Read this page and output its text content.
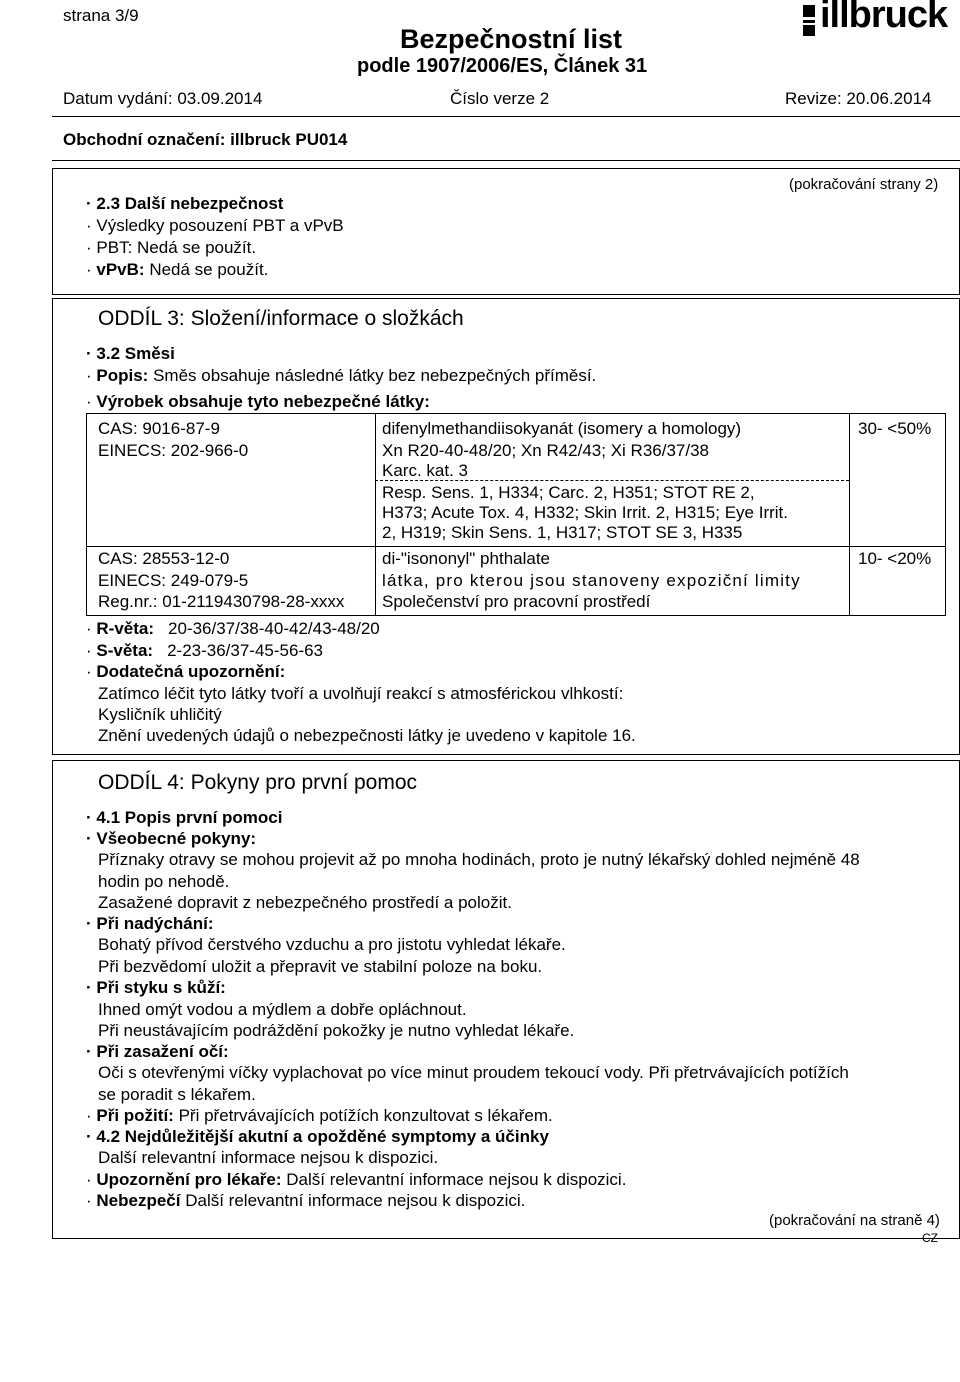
strana 3/9
Bezpečnostní list
podle 1907/2006/ES, Článek 31
illbruck
Datum vydání: 03.09.2014	Číslo verze 2	Revize: 20.06.2014
Obchodní označení: illbruck PU014
(pokračování strany 2)
· 2.3 Další nebezpečnost
· Výsledky posouzení PBT a vPvB
· PBT: Nedá se použít.
· vPvB: Nedá se použít.
ODDÍL 3: Složení/informace o složkách
· 3.2 Směsi
· Popis: Směs obsahuje následné látky bez nebezpečných příměsí.
· Výrobek obsahuje tyto nebezpečné látky:
CAS: 9016-87-9
EINECS: 202-966-0
difenylmethandiisokyanát (isomery a homology)
Xn R20-40-48/20; Xn R42/43; Xi R36/37/38
Karc. kat. 3
Resp. Sens. 1, H334; Carc. 2, H351; STOT RE 2,
H373; Acute Tox. 4, H332; Skin Irrit. 2, H315; Eye Irrit.
2, H319; Skin Sens. 1, H317; STOT SE 3, H335
30- <50%
CAS: 28553-12-0
EINECS: 249-079-5
Reg.nr.: 01-2119430798-28-xxxx
di-"isononyl" phthalate
látka, pro kterou jsou stanoveny expoziční limity
Společenství pro pracovní prostředí
10- <20%
· R-věta: 20-36/37/38-40-42/43-48/20
· S-věta: 2-23-36/37-45-56-63
· Dodatečná upozornění:
Zatímco léčit tyto látky tvoří a uvolňují reakcí s atmosférickou vlhkostí:
Kysličník uhličitý
Znění uvedených údajů o nebezpečnosti látky je uvedeno v kapitole 16.
ODDÍL 4: Pokyny pro první pomoc
· 4.1 Popis první pomoci
· Všeobecné pokyny:
Příznaky otravy se mohou projevit až po mnoha hodinách, proto je nutný lékařský dohled nejméně 48
hodin po nehodě.
Zasažené dopravit z nebezpečného prostředí a položit.
· Při nadýchání:
Bohatý přívod čerstvého vzduchu a pro jistotu vyhledat lékaře.
Při bezvědomí uložit a přepravit ve stabilní poloze na boku.
· Při styku s kůží:
Ihned omýt vodou a mýdlem a dobře opláchnout.
Při neustávajícím podráždění pokožky je nutno vyhledat lékaře.
· Při zasažení očí:
Oči s otevřenými víčky vyplachovat po více minut proudem tekoucí vody. Při přetrvávajících potížích
se poradit s lékařem.
· Při požití: Při přetrvávajících potížích konzultovat s lékařem.
· 4.2 Nejdůležitější akutní a opožděné symptomy a účinky
Další relevantní informace nejsou k dispozici.
· Upozornění pro lékaře: Další relevantní informace nejsou k dispozici.
· Nebezpečí Další relevantní informace nejsou k dispozici.
(pokračování na straně 4)
CZ
